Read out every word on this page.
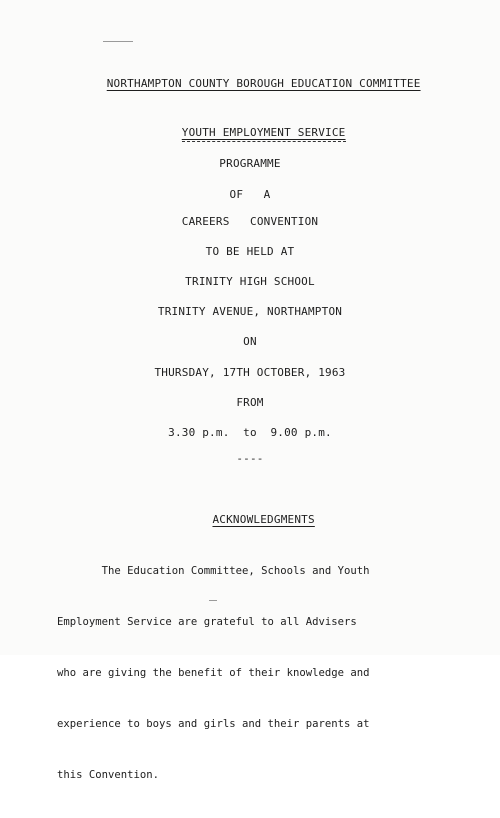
NORTHAMPTON COUNTY BOROUGH EDUCATION COMMITTEE

YOUTH EMPLOYMENT SERVICE

PROGRAMME
OF   A
CAREERS   CONVENTION
TO BE HELD AT
TRINITY HIGH SCHOOL
TRINITY AVENUE, NORTHAMPTON
ON
THURSDAY, 17TH OCTOBER, 1963
FROM
3.30 p.m.  to  9.00 p.m.
----

ACKNOWLEDGMENTS

The Education Committee, Schools and Youth

Employment Service are grateful to all Advisers

who are giving the benefit of their knowledge and

experience to boys and girls and their parents at

this Convention.
